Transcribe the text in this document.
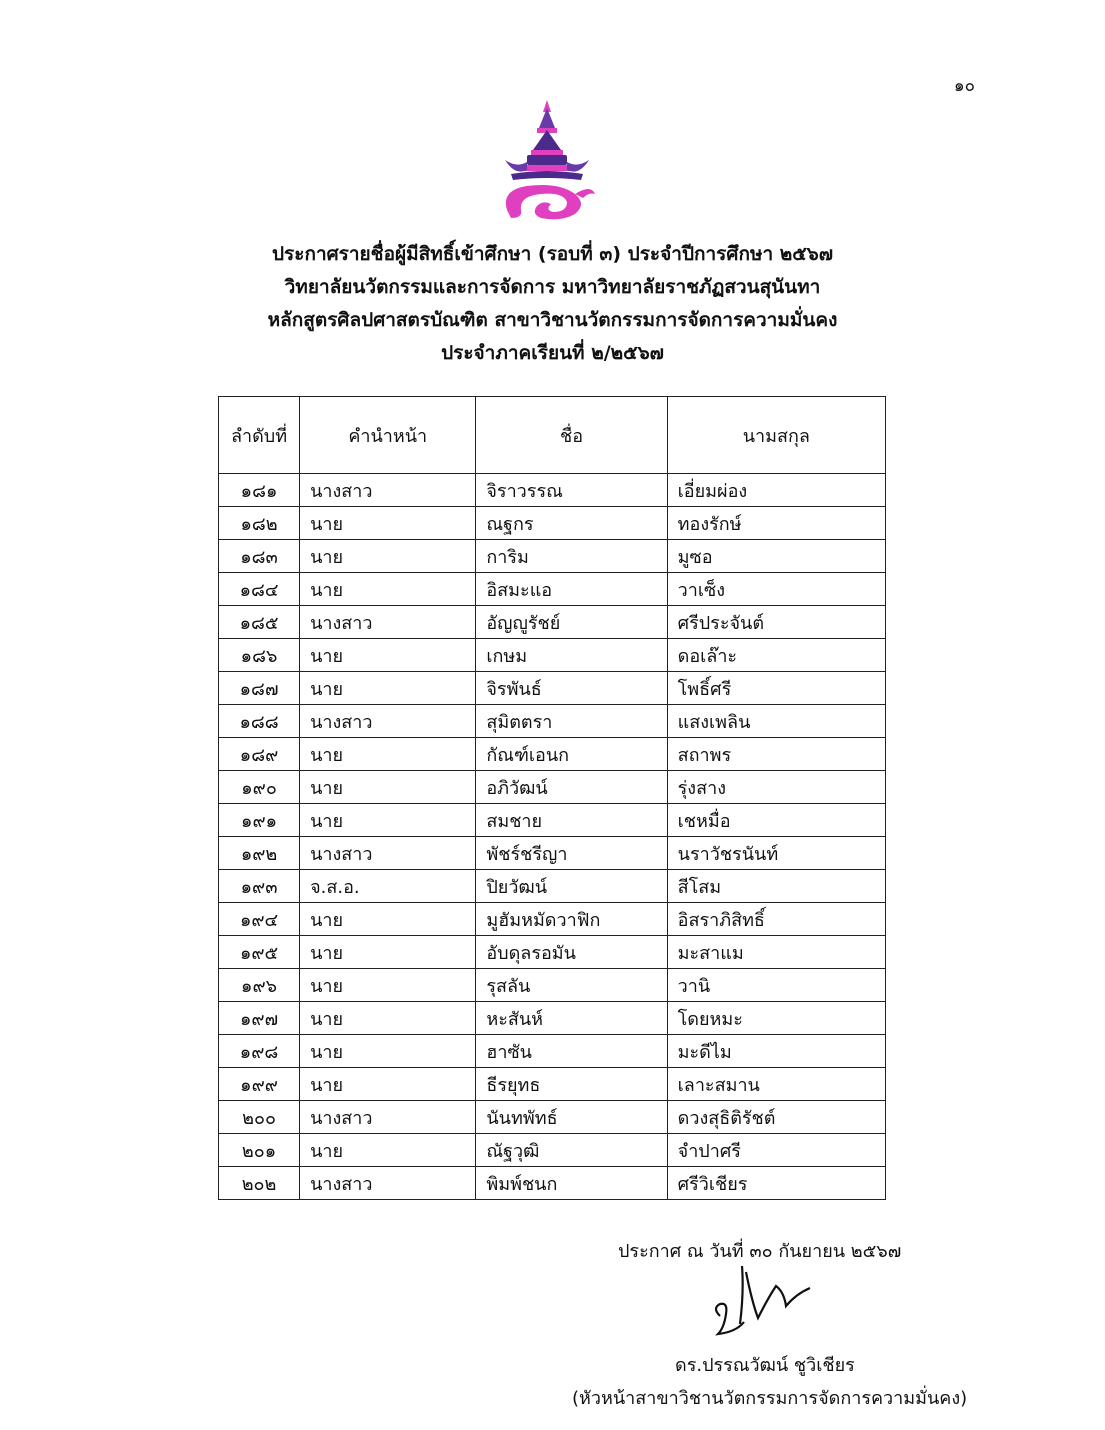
๑๐
ประกาศรายชื่อผู้มีสิทธิ์เข้าศึกษา (รอบที่ ๓) ประจำปีการศึกษา ๒๕๖๗
วิทยาลัยนวัตกรรมและการจัดการ มหาวิทยาลัยราชภัฏสวนสุนันทา
หลักสูตรศิลปศาสตรบัณฑิต สาขาวิชานวัตกรรมการจัดการความมั่นคง
ประจำภาคเรียนที่ ๒/๒๕๖๗
ลำดับที่	คำนำหน้า	ชื่อ	นามสกุล
๑๘๑	นางสาว	จิราวรรณ	เอี่ยมผ่อง
๑๘๒	นาย	ณฐกร	ทองรักษ์
๑๘๓	นาย	การิม	มูซอ
๑๘๔	นาย	อิสมะแอ	วาเซ็ง
๑๘๕	นางสาว	อัญญูรัชย์	ศรีประจันต์
๑๘๖	นาย	เกษม	ดอเล๊าะ
๑๘๗	นาย	จิรพันธ์	โพธิ์ศรี
๑๘๘	นางสาว	สุมิตตรา	แสงเพลิน
๑๘๙	นาย	กัณฑ์เอนก	สถาพร
๑๙๐	นาย	อภิวัฒน์	รุ่งสาง
๑๙๑	นาย	สมชาย	เชหมื่อ
๑๙๒	นางสาว	พัชร์ชรีญา	นราวัชรนันท์
๑๙๓	จ.ส.อ.	ปิยวัฒน์	สีโสม
๑๙๔	นาย	มูฮัมหมัดวาฟิก	อิสราภิสิทธิ์
๑๙๕	นาย	อับดุลรอมัน	มะสาแม
๑๙๖	นาย	รุสลัน	วานิ
๑๙๗	นาย	หะสันห์	โดยหมะ
๑๙๘	นาย	ฮาซัน	มะดีไม
๑๙๙	นาย	ธีรยุทธ	เลาะสมาน
๒๐๐	นางสาว	นันทพัทธ์	ดวงสุธิติรัชต์
๒๐๑	นาย	ณัฐวุฒิ	จำปาศรี
๒๐๒	นางสาว	พิมพ์ชนก	ศรีวิเชียร
ประกาศ ณ วันที่ ๓๐ กันยายน ๒๕๖๗
ดร.ปรรณวัฒน์ ชูวิเชียร
(หัวหน้าสาขาวิชานวัตกรรมการจัดการความมั่นคง)
